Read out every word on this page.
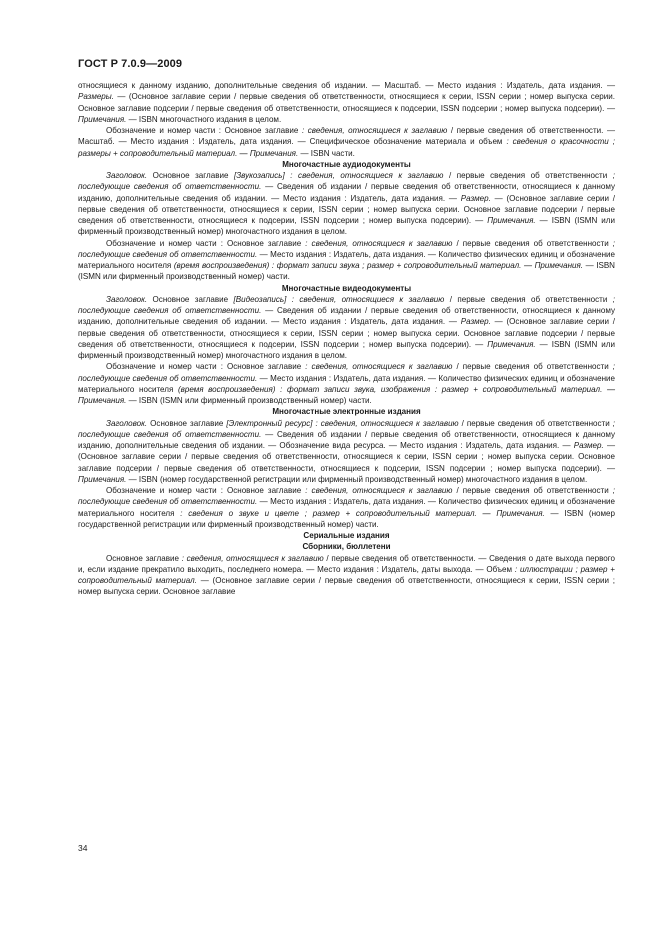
ГОСТ Р 7.0.9—2009

относящиеся к данному изданию, дополнительные сведения об издании. — Масштаб. — Место издания : Издатель, дата издания. — Размеры. — (Основное заглавие серии / первые сведения об ответственности, относящиеся к серии, ISSN серии ; номер выпуска серии. Основное заглавие подсерии / первые сведения об ответственности, относящиеся к подсерии, ISSN подсерии ; номер выпуска подсерии). — Примечания. — ISBN многочастного издания в целом.

Обозначение и номер части : Основное заглавие : сведения, относящиеся к заглавию / первые сведения об ответственности. — Масштаб. — Место издания : Издатель, дата издания. — Специфическое обозначение материала и объем : сведения о красочности ; размеры + сопроводительный материал. — Примечания. — ISBN части.

Многочастные аудиодокументы

Заголовок. Основное заглавие [Звукозапись] : сведения, относящиеся к заглавию / первые сведения об ответственности ; последующие сведения об ответственности. — Сведения об издании / первые сведения об ответственности, относящиеся к данному изданию, дополнительные сведения об издании. — Место издания : Издатель, дата издания. — Размер. — (Основное заглавие серии / первые сведения об ответственности, относящиеся к серии, ISSN серии ; номер выпуска серии. Основное заглавие подсерии / первые сведения об ответственности, относящиеся к подсерии, ISSN подсерии ; номер выпуска подсерии). — Примечания. — ISBN (ISMN или фирменный производственный номер) многочастного издания в целом.

Обозначение и номер части : Основное заглавие : сведения, относящиеся к заглавию / первые сведения об ответственности ; последующие сведения об ответственности. — Место издания : Издатель, дата издания. — Количество физических единиц и обозначение материального носителя (время воспроизведения) : формат записи звука ; размер + сопроводительный материал. — Примечания. — ISBN (ISMN или фирменный производственный номер) части.

Многочастные видеодокументы

Заголовок. Основное заглавие [Видеозапись] : сведения, относящиеся к заглавию / первые сведения об ответственности ; последующие сведения об ответственности. — Сведения об издании / первые сведения об ответственности, относящиеся к данному изданию, дополнительные сведения об издании. — Место издания : Издатель, дата издания. — Размер. — (Основное заглавие серии / первые сведения об ответственности, относящиеся к серии, ISSN серии ; номер выпуска серии. Основное заглавие подсерии / первые сведения об ответственности, относящиеся к подсерии, ISSN подсерии ; номер выпуска подсерии). — Примечания. — ISBN (ISMN или фирменный производственный номер) многочастного издания в целом.

Обозначение и номер части : Основное заглавие : сведения, относящиеся к заглавию / первые сведения об ответственности ; последующие сведения об ответственности. — Место издания : Издатель, дата издания. — Количество физических единиц и обозначение материального носителя (время воспроизведения) : формат записи звука, изображения : размер + сопроводительный материал. — Примечания. — ISBN (ISMN или фирменный производственный номер) части.

Многочастные электронные издания

Заголовок. Основное заглавие [Электронный ресурс] : сведения, относящиеся к заглавию / первые сведения об ответственности ; последующие сведения об ответственности. — Сведения об издании / первые сведения об ответственности, относящиеся к данному изданию, дополнительные сведения об издании. — Обозначение вида ресурса. — Место издания : Издатель, дата издания. — Размер. — (Основное заглавие серии / первые сведения об ответственности, относящиеся к серии, ISSN серии ; номер выпуска серии. Основное заглавие подсерии / первые сведения об ответственности, относящиеся к подсерии, ISSN подсерии ; номер выпуска подсерии). — Примечания. — ISBN (номер государственной регистрации или фирменный производственный номер) многочастного издания в целом.

Обозначение и номер части : Основное заглавие : сведения, относящиеся к заглавию / первые сведения об ответственности ; последующие сведения об ответственности. — Место издания : Издатель, дата издания. — Количество физических единиц и обозначение материального носителя : сведения о звуке и цвете ; размер + сопроводительный материал. — Примечания. — ISBN (номер государственной регистрации или фирменный производственный номер) части.

Сериальные издания

Сборники, бюллетени

Основное заглавие : сведения, относящиеся к заглавию / первые сведения об ответственности. — Сведения о дате выхода первого и, если издание прекратило выходить, последнего номера. — Место издания : Издатель, даты выхода. — Объем : иллюстрации ; размер + сопроводительный материал. — (Основное заглавие серии / первые сведения об ответственности, относящиеся к серии, ISSN серии ; номер выпуска серии. Основное заглавие

34
